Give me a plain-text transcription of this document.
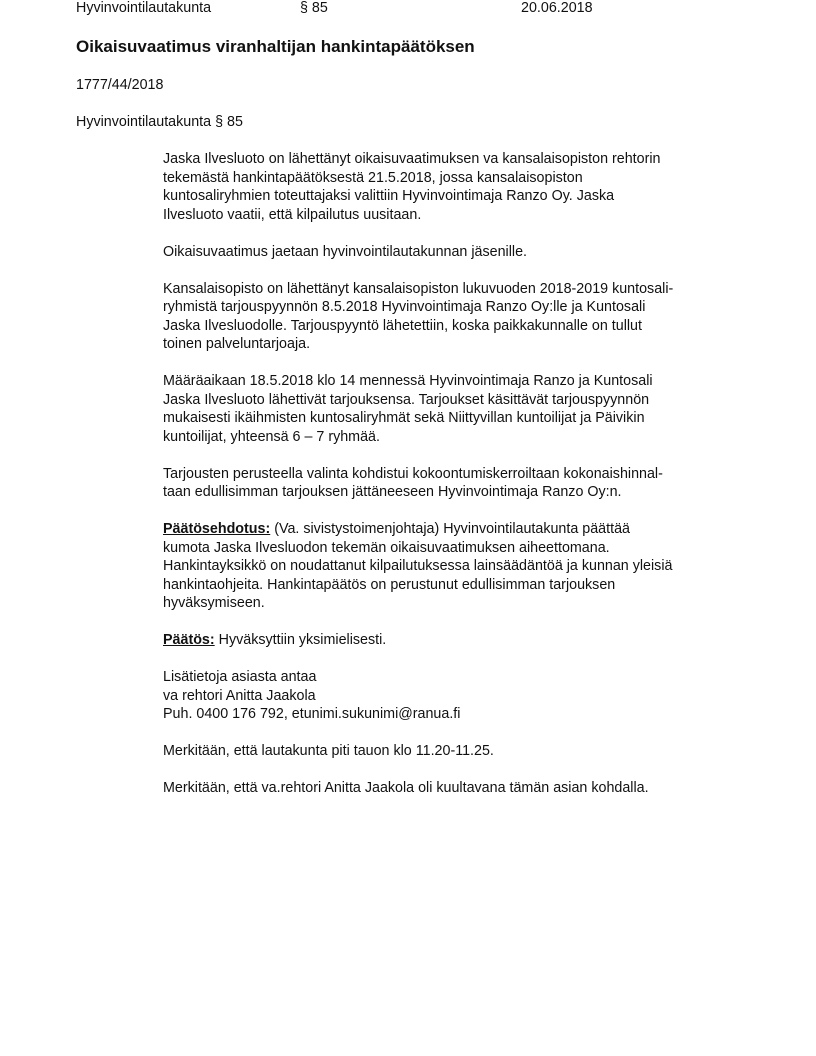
Hyvinvointilautakunta	§ 85	20.06.2018
Oikaisuvaatimus viranhaltijan hankintapäätöksen
1777/44/2018
Hyvinvointilautakunta § 85

Jaska Ilvesluoto on lähettänyt oikaisuvaatimuksen va kansalaisopiston rehtorin
tekemästä hankintapäätöksestä 21.5.2018, jossa kansalaisopiston
kuntosaliryhmien toteuttajaksi valittiin Hyvinvointimaja Ranzo Oy. Jaska
Ilvesluoto vaatii, että kilpailutus uusitaan.

Oikaisuvaatimus jaetaan hyvinvointilautakunnan jäsenille.

Kansalaisopisto on lähettänyt kansalaisopiston lukuvuoden 2018-2019 kuntosali-
ryhmistä tarjouspyynnön 8.5.2018 Hyvinvointimaja Ranzo Oy:lle ja Kuntosali
Jaska Ilvesluodolle. Tarjouspyyntö lähetettiin, koska paikkakunnalle on tullut
toinen palveluntarjoaja.

Määräaikaan 18.5.2018 klo 14 mennessä Hyvinvointimaja Ranzo ja Kuntosali
Jaska Ilvesluoto lähettivät tarjouksensa. Tarjoukset käsittävät tarjouspyynnön
mukaisesti ikäihmisten kuntosaliryhmät sekä Niittyvillan kuntoilijat ja Päivikin
kuntoilijat, yhteensä 6 – 7 ryhmää.

Tarjousten perusteella valinta kohdistui kokoontumiskerroiltaan kokonaishinnal-
taan edullisimman tarjouksen jättäneeseen Hyvinvointimaja Ranzo Oy:n.

Päätösehdotus: (Va. sivistystoimenjohtaja) Hyvinvointilautakunta päättää
kumota Jaska Ilvesluodon tekemän oikaisuvaatimuksen aiheettomana.
Hankintayksikkö on noudattanut kilpailutuksessa lainsäädäntöä ja kunnan yleisiä
hankintaohjeita. Hankintapäätös on perustunut edullisimman tarjouksen
hyväksymiseen.

Päätös: Hyväksyttiin yksimielisesti.

Lisätietoja asiasta antaa
va rehtori Anitta Jaakola
Puh. 0400 176 792, etunimi.sukunimi@ranua.fi

Merkitään, että lautakunta piti tauon klo 11.20-11.25.

Merkitään, että va.rehtori Anitta Jaakola oli kuultavana tämän asian kohdalla.
